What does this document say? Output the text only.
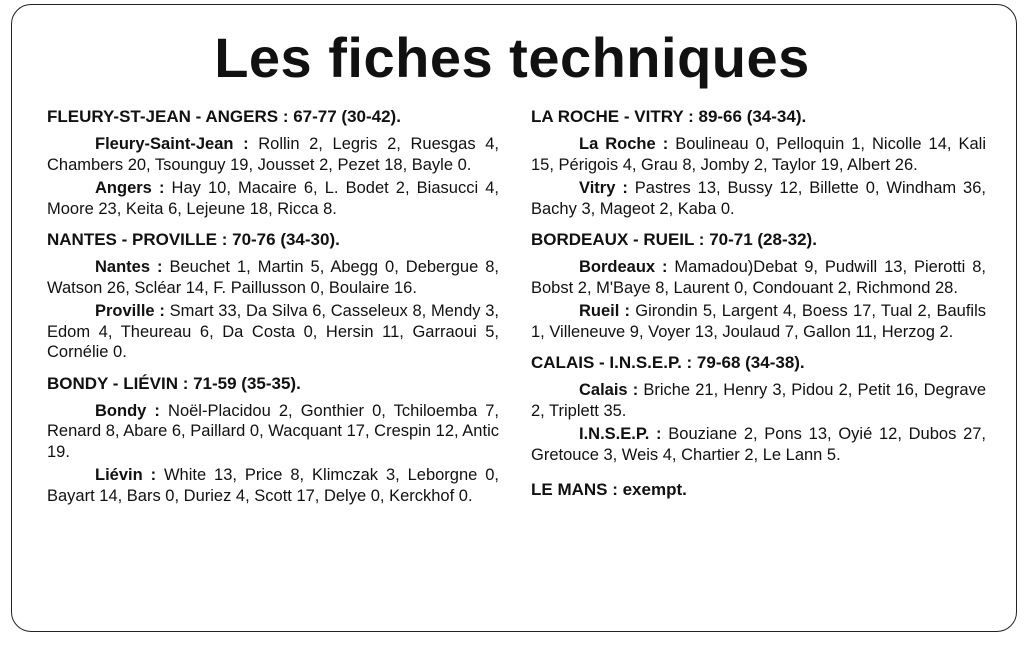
Les fiches techniques
FLEURY-ST-JEAN - ANGERS : 67-77 (30-42).

Fleury-Saint-Jean : Rollin 2, Legris 2, Ruesgas 4, Chambers 20, Tsounguy 19, Jousset 2, Pezet 18, Bayle 0.

Angers : Hay 10, Macaire 6, L. Bodet 2, Biasucci 4, Moore 23, Keita 6, Lejeune 18, Ricca 8.

NANTES - PROVILLE : 70-76 (34-30).

Nantes : Beuchet 1, Martin 5, Abegg 0, Debergue 8, Watson 26, Scléar 14, F. Paillusson 0, Boulaire 16.

Proville : Smart 33, Da Silva 6, Casseleux 8, Mendy 3, Edom 4, Theureau 6, Da Costa 0, Hersin 11, Garraoui 5, Cornélie 0.

BONDY - LIÉVIN : 71-59 (35-35).

Bondy : Noël-Placidou 2, Gonthier 0, Tchiloemba 7, Renard 8, Abare 6, Paillard 0, Wacquant 17, Crespin 12, Antic 19.

Liévin : White 13, Price 8, Klimczak 3, Leborgne 0, Bayart 14, Bars 0, Duriez 4, Scott 17, Delye 0, Kerckhof 0.

LA ROCHE - VITRY : 89-66 (34-34).

La Roche : Boulineau 0, Pelloquin 1, Nicolle 14, Kali 15, Périgois 4, Grau 8, Jomby 2, Taylor 19, Albert 26.

Vitry : Pastres 13, Bussy 12, Billette 0, Windham 36, Bachy 3, Mageot 2, Kaba 0.

BORDEAUX - RUEIL : 70-71 (28-32).

Bordeaux : Mamadou)Debat 9, Pudwill 13, Pierotti 8, Bobst 2, M'Baye 8, Laurent 0, Condouant 2, Richmond 28.

Rueil : Girondin 5, Largent 4, Boess 17, Tual 2, Baufils 1, Villeneuve 9, Voyer 13, Joulaud 7, Gallon 11, Herzog 2.

CALAIS - I.N.S.E.P. : 79-68 (34-38).

Calais : Briche 21, Henry 3, Pidou 2, Petit 16, Degrave 2, Triplett 35.

I.N.S.E.P. : Bouziane 2, Pons 13, Oyié 12, Dubos 27, Gretouce 3, Weis 4, Chartier 2, Le Lann 5.

LE MANS : exempt.
